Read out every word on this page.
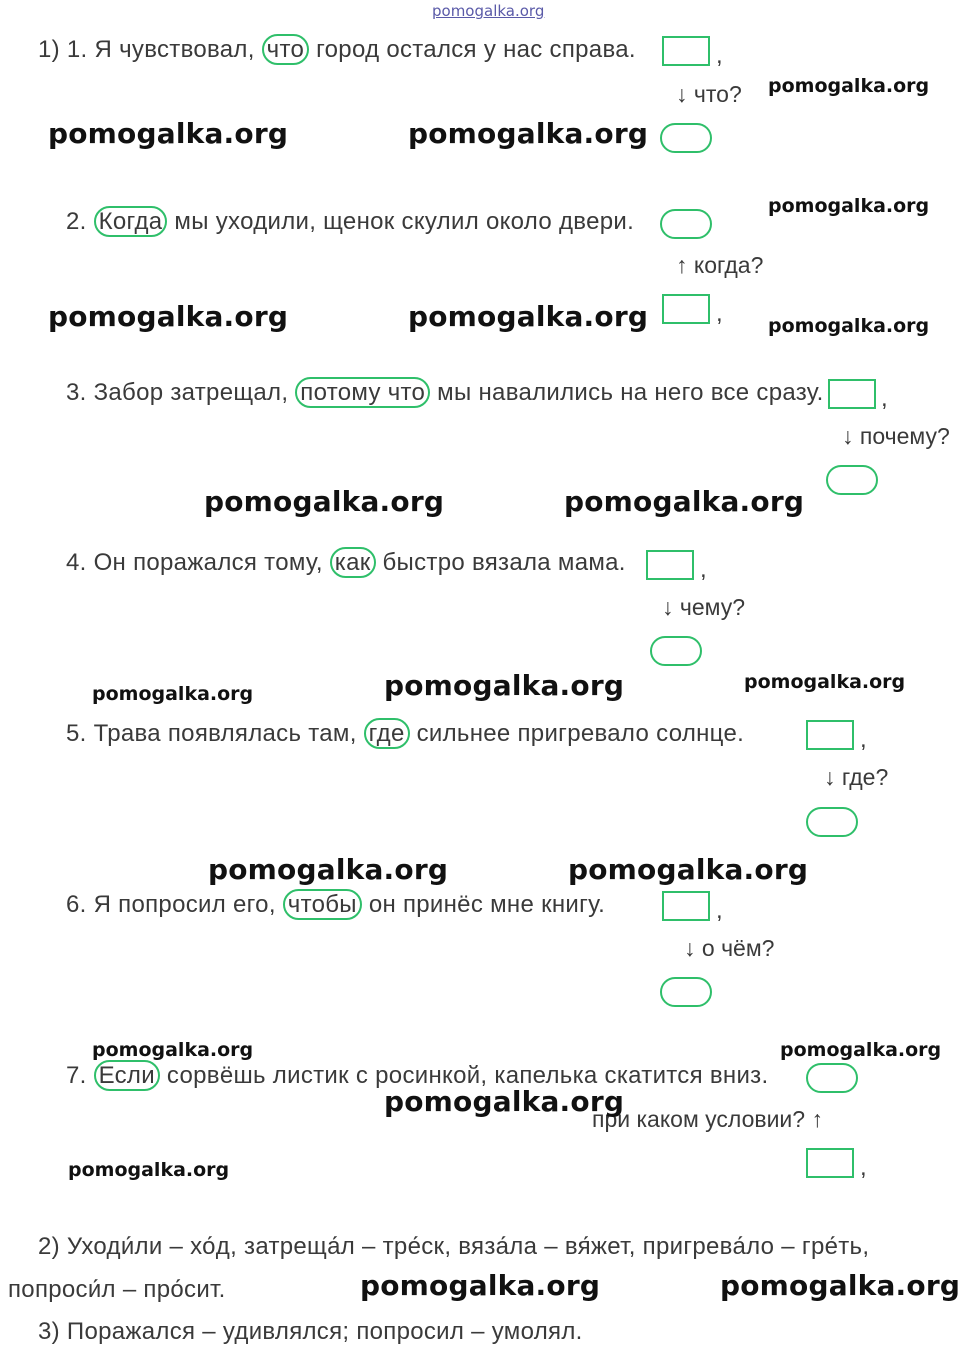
pomogalka.org
1) 1. Я чувствовал, что город остался у нас справа.	,
↓ что? pomogalka.org
pomogalka.org	pomogalka.org
2. Когда мы уходили, щенок скулил около двери.
↑ когда?
,
pomogalka.org
pomogalka.org	pomogalka.org	pomogalka.org
3. Забор затрещал, потому что мы навалились на него все сразу. ,
↓ почему?
pomogalka.org	pomogalka.org
4. Он поражался тому, как быстро вязала мама.	,
↓ чему?
pomogalka.org	pomogalka.org	pomogalka.org
5. Трава появлялась там, где сильнее пригревало солнце.	,
↓ где?
pomogalka.org	pomogalka.org
6. Я попросил его, чтобы он принёс мне книгу.	,
↓ о чём?
pomogalka.org	pomogalka.org
7. Если сорвёшь листик с росинкой, капелька скатится вниз.
при каком условии? ↑
,
pomogalka.org
pomogalka.org
2) Уходи́ли – хо́д, затреща́л – тре́ск, вяза́ла – вя́жет, пригрева́ло – гре́ть,
попроси́л – про́сит.	pomogalka.org	pomogalka.org
3) Поражался – удивлялся; попросил – умолял.
